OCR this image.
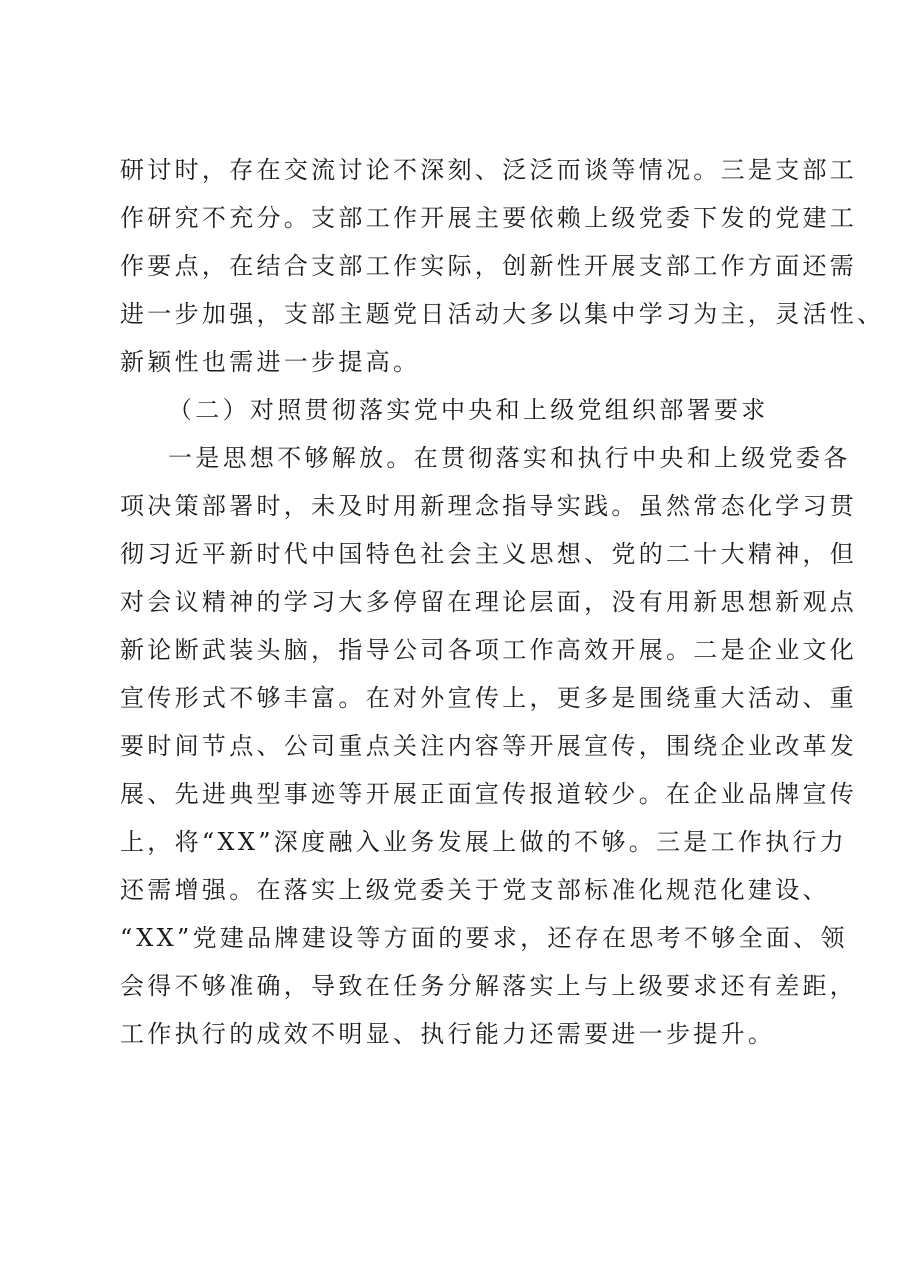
研讨时，存在交流讨论不深刻、泛泛而谈等情况。三是支部工
作研究不充分。支部工作开展主要依赖上级党委下发的党建工
作要点，在结合支部工作实际，创新性开展支部工作方面还需
进一步加强，支部主题党日活动大多以集中学习为主，灵活性、
新颖性也需进一步提高。
（二）对照贯彻落实党中央和上级党组织部署要求
一是思想不够解放。在贯彻落实和执行中央和上级党委各
项决策部署时，未及时用新理念指导实践。虽然常态化学习贯
彻习近平新时代中国特色社会主义思想、党的二十大精神，但
对会议精神的学习大多停留在理论层面，没有用新思想新观点
新论断武装头脑，指导公司各项工作高效开展。二是企业文化
宣传形式不够丰富。在对外宣传上，更多是围绕重大活动、重
要时间节点、公司重点关注内容等开展宣传，围绕企业改革发
展、先进典型事迹等开展正面宣传报道较少。在企业品牌宣传
上，将“XX”深度融入业务发展上做的不够。三是工作执行力
还需增强。在落实上级党委关于党支部标准化规范化建设、
“XX”党建品牌建设等方面的要求，还存在思考不够全面、领
会得不够准确，导致在任务分解落实上与上级要求还有差距，
工作执行的成效不明显、执行能力还需要进一步提升。
